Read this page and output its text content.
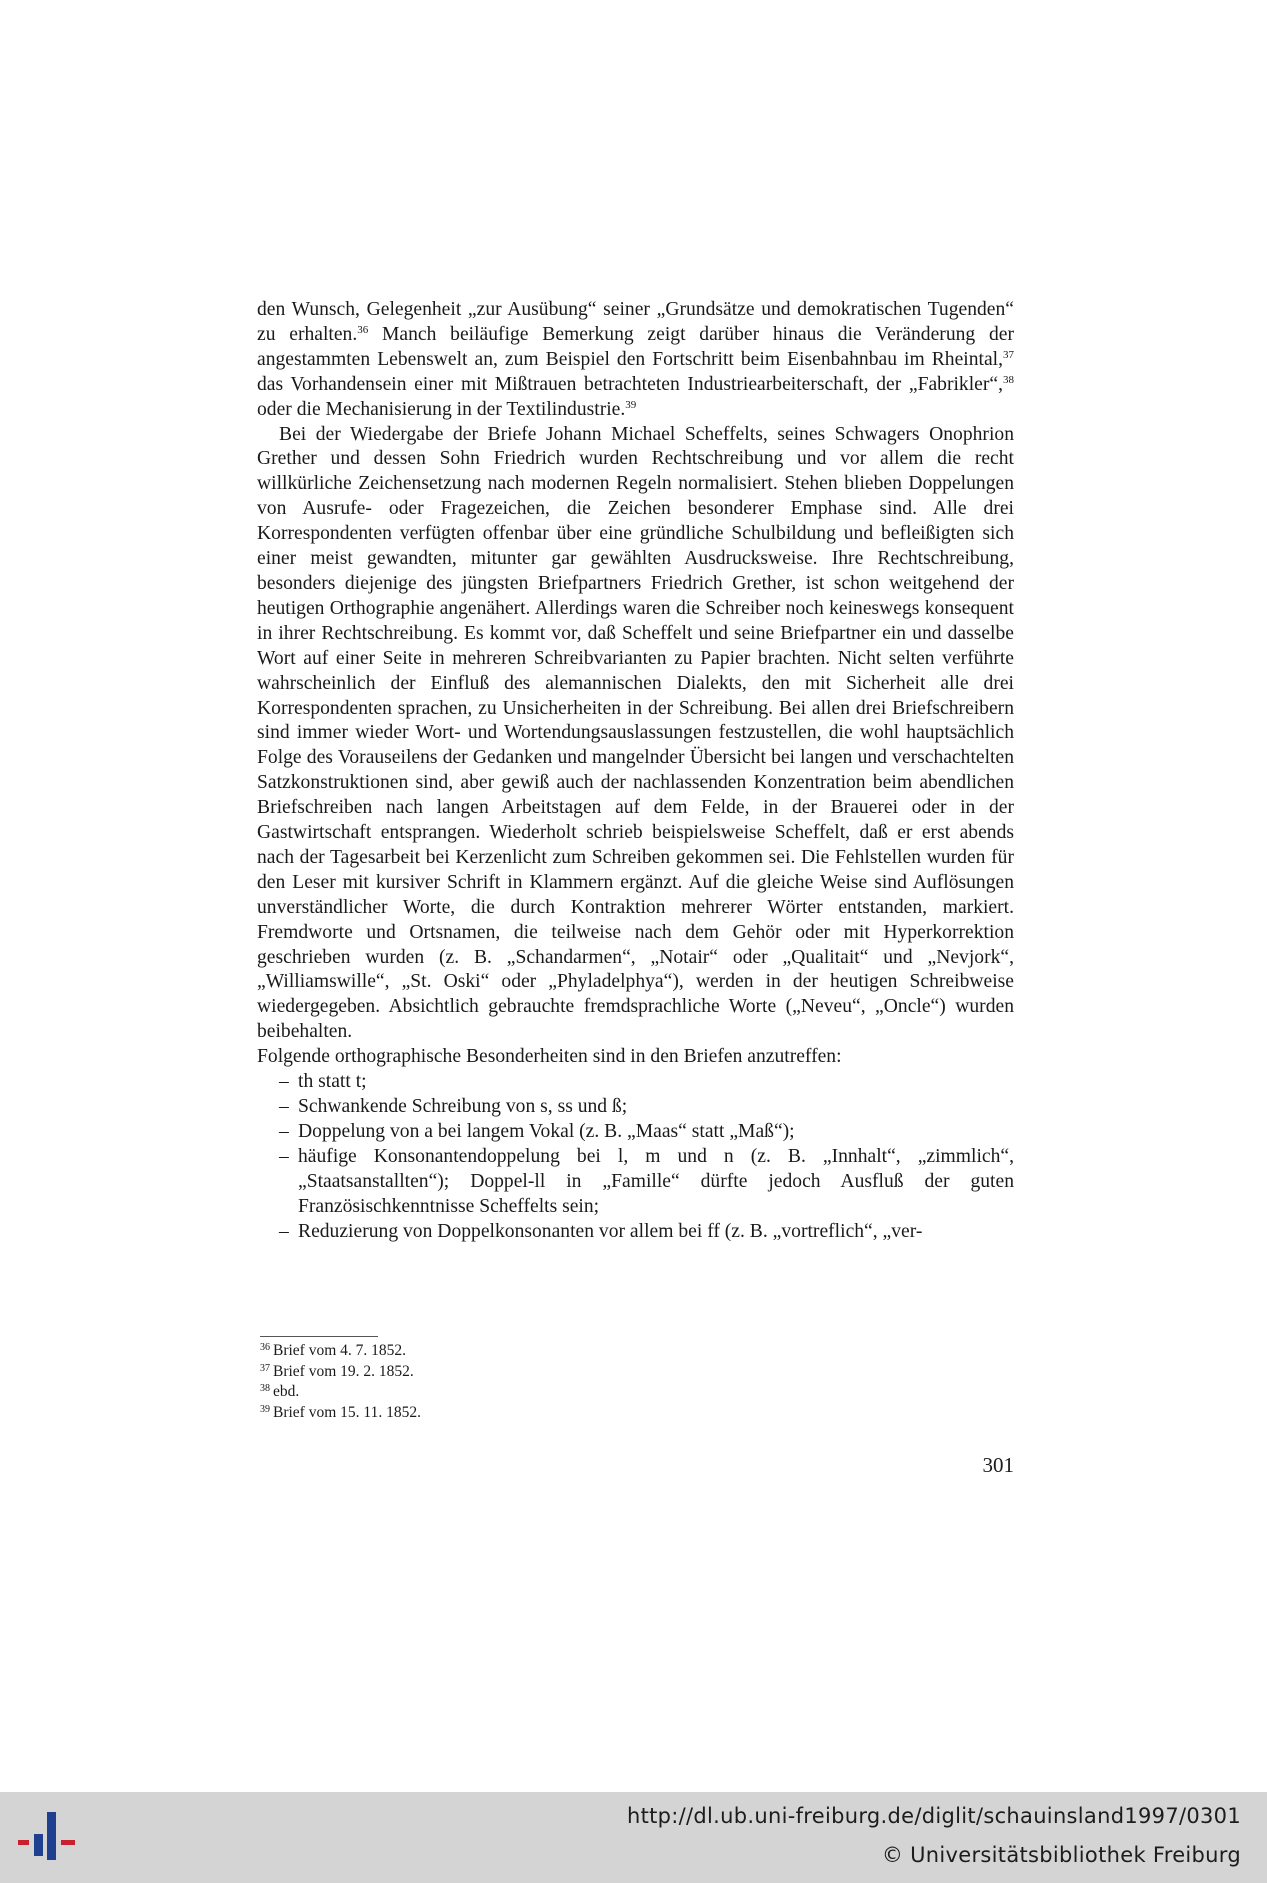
den Wunsch, Gelegenheit „zur Ausübung“ seiner „Grundsätze und demokratischen Tugenden“ zu erhalten.$^{36}$ Manch beiläufige Bemerkung zeigt darüber hinaus die Veränderung der angestammten Lebenswelt an, zum Beispiel den Fortschritt beim Eisenbahnbau im Rheintal,$^{37}$ das Vorhandensein einer mit Mißtrauen betrachteten Industriearbeiterschaft, der „Fabrikler“,$^{38}$ oder die Mechanisierung in der Textilindustrie.$^{39}$

Bei der Wiedergabe der Briefe Johann Michael Scheffelts, seines Schwagers Onophrion Grether und dessen Sohn Friedrich wurden Rechtschreibung und vor allem die recht willkürliche Zeichensetzung nach modernen Regeln normalisiert. Stehen blieben Doppelungen von Ausrufe- oder Fragezeichen, die Zeichen besonderer Emphase sind. Alle drei Korrespondenten verfügten offenbar über eine gründliche Schulbildung und befleißigten sich einer meist gewandten, mitunter gar gewählten Ausdrucksweise. Ihre Rechtschreibung, besonders diejenige des jüngsten Briefpartners Friedrich Grether, ist schon weitgehend der heutigen Orthographie angenähert. Allerdings waren die Schreiber noch keineswegs konsequent in ihrer Rechtschreibung. Es kommt vor, daß Scheffelt und seine Briefpartner ein und dasselbe Wort auf einer Seite in mehreren Schreibvarianten zu Papier brachten. Nicht selten verführte wahrscheinlich der Einfluß des alemannischen Dialekts, den mit Sicherheit alle drei Korrespondenten sprachen, zu Unsicherheiten in der Schreibung. Bei allen drei Briefschreibern sind immer wieder Wort- und Wortendungsauslassungen festzustellen, die wohl hauptsächlich Folge des Vorauseilens der Gedanken und mangelnder Übersicht bei langen und verschachtelten Satzkonstruktionen sind, aber gewiß auch der nachlassenden Konzentration beim abendlichen Briefschreiben nach langen Arbeitstagen auf dem Felde, in der Brauerei oder in der Gastwirtschaft entsprangen. Wiederholt schrieb beispielsweise Scheffelt, daß er erst abends nach der Tagesarbeit bei Kerzenlicht zum Schreiben gekommen sei. Die Fehlstellen wurden für den Leser mit kursiver Schrift in Klammern ergänzt. Auf die gleiche Weise sind Auflösungen unverständlicher Worte, die durch Kontraktion mehrerer Wörter entstanden, markiert. Fremdworte und Ortsnamen, die teilweise nach dem Gehör oder mit Hyperkorrektion geschrieben wurden (z. B. „Schandarmen“, „Notair“ oder „Qualitait“ und „Nevjork“, „Williamswille“, „St. Oski“ oder „Phyladelphya“), werden in der heutigen Schreibweise wiedergegeben. Absichtlich gebrauchte fremdsprachliche Worte („Neveu“, „Oncle“) wurden beibehalten.

Folgende orthographische Besonderheiten sind in den Briefen anzutreffen:

– th statt t;
– Schwankende Schreibung von s, ss und ß;
– Doppelung von a bei langem Vokal (z. B. „Maas“ statt „Maß“);
– häufige Konsonantendoppelung bei l, m und n (z. B. „Innhalt“, „zimmlich“, „Staatsanstallten“); Doppel-ll in „Famille“ dürfte jedoch Ausfluß der guten Französischkenntnisse Scheffelts sein;
– Reduzierung von Doppelkonsonanten vor allem bei ff (z. B. „vortreflich“, „ver-
$^{36}$ Brief vom 4. 7. 1852.
$^{37}$ Brief vom 19. 2. 1852.
$^{38}$ ebd.
$^{39}$ Brief vom 15. 11. 1852.
301
http://dl.ub.uni-freiburg.de/diglit/schauinsland1997/0301
© Universitätsbibliothek Freiburg
